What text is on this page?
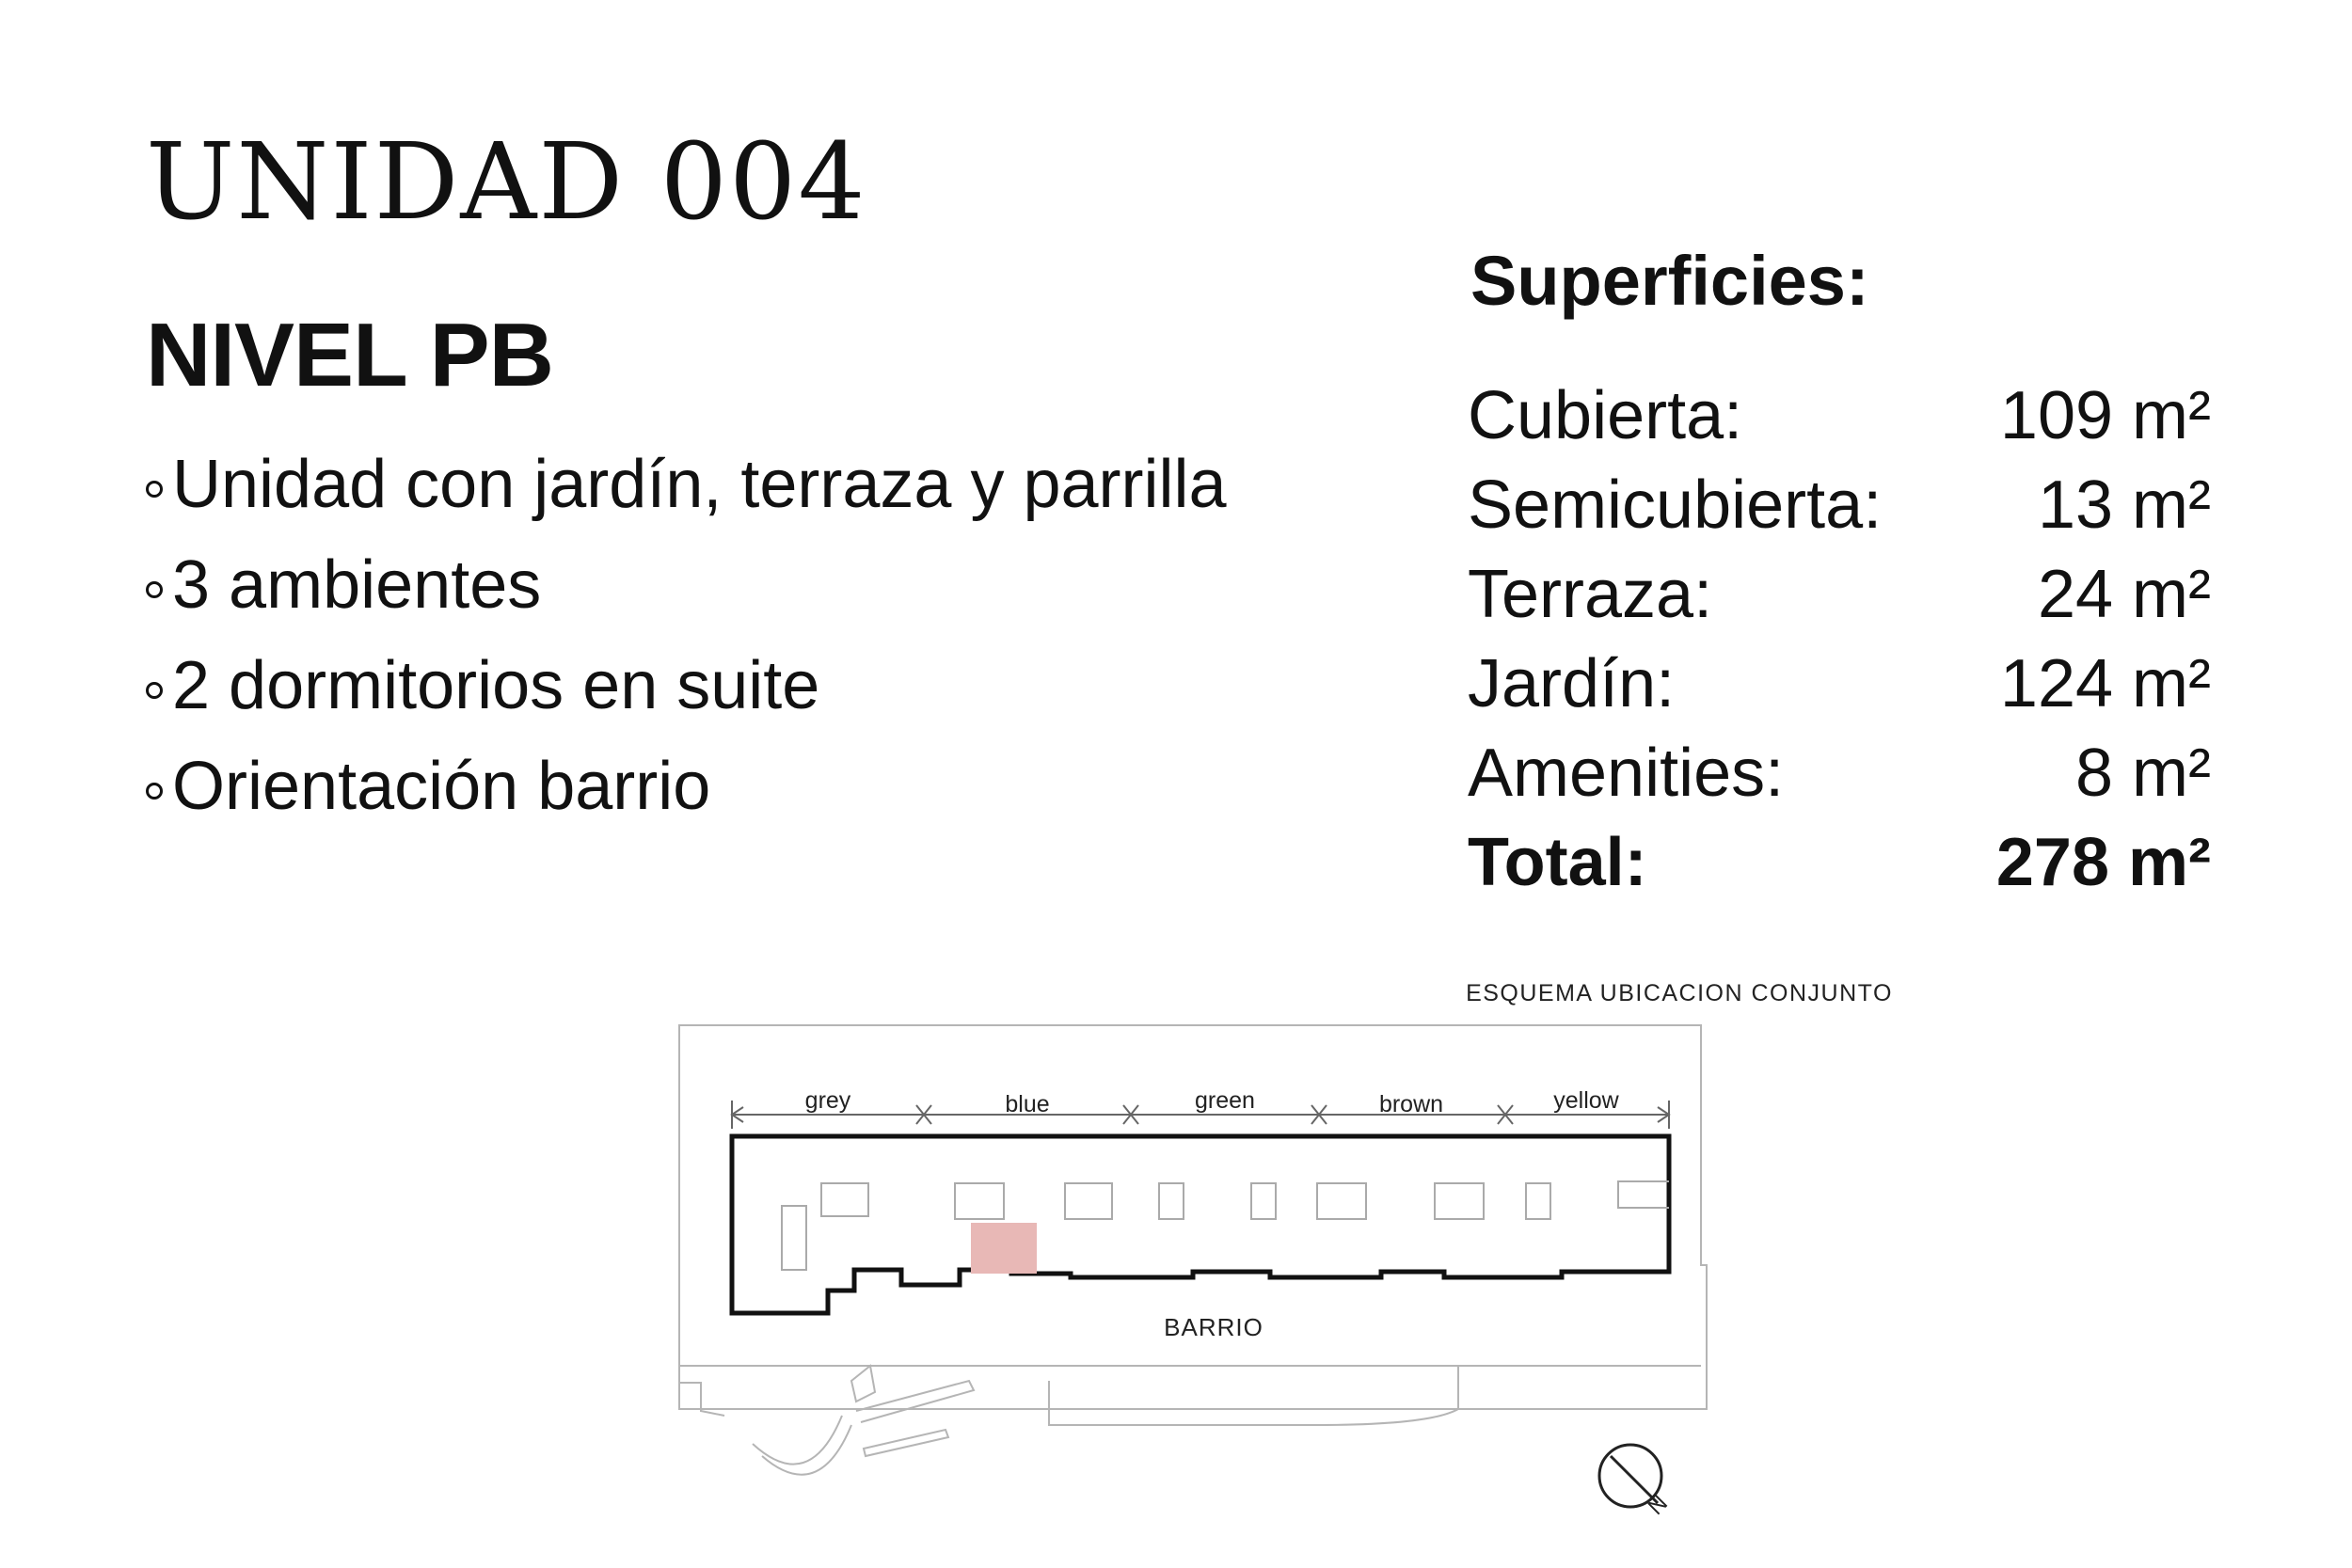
UNIDAD 004
NIVEL PB
Unidad con jardín, terraza y parrilla
3 ambientes
2 dormitorios en suite
Orientación barrio
Superficies:
Cubierta:	109 m²
Semicubierta: 13 m²
Terraza:	24 m²
Jardín:	124 m²
Amenities:	8 m²
Total:	278 m²
ESQUEMA UBICACION CONJUNTO
grey	blue	green	brown	yellow
BARRIO
N
